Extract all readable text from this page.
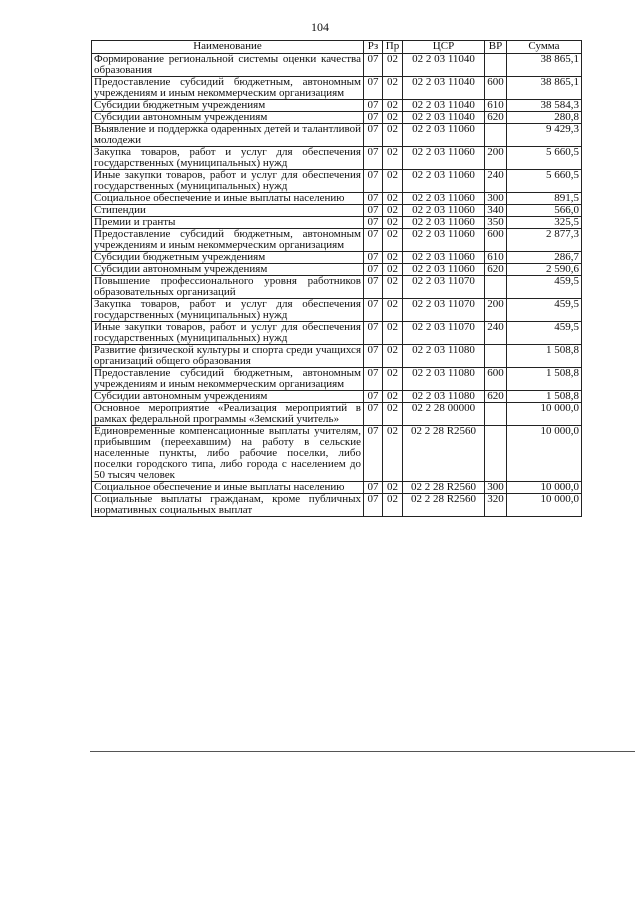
104
Наименование	Рз	Пр	ЦСР	ВР	Сумма
Формирование региональной системы оценки качества образования	07	02	02 2 03 11040		38 865,1
Предоставление субсидий бюджетным, автономным учреждениям и иным некоммерческим организациям	07	02	02 2 03 11040	600	38 865,1
Субсидии бюджетным учреждениям	07	02	02 2 03 11040	610	38 584,3
Субсидии автономным учреждениям	07	02	02 2 03 11040	620	280,8
Выявление и поддержка одаренных детей и талантливой молодежи	07	02	02 2 03 11060		9 429,3
Закупка товаров, работ и услуг для обеспечения государственных (муниципальных) нужд	07	02	02 2 03 11060	200	5 660,5
Иные закупки товаров, работ и услуг для обеспечения государственных (муниципальных) нужд	07	02	02 2 03 11060	240	5 660,5
Социальное обеспечение и иные выплаты населению	07	02	02 2 03 11060	300	891,5
Стипендии	07	02	02 2 03 11060	340	566,0
Премии и гранты	07	02	02 2 03 11060	350	325,5
Предоставление субсидий бюджетным, автономным учреждениям и иным некоммерческим организациям	07	02	02 2 03 11060	600	2 877,3
Субсидии бюджетным учреждениям	07	02	02 2 03 11060	610	286,7
Субсидии автономным учреждениям	07	02	02 2 03 11060	620	2 590,6
Повышение профессионального уровня работников образовательных организаций	07	02	02 2 03 11070		459,5
Закупка товаров, работ и услуг для обеспечения государственных (муниципальных) нужд	07	02	02 2 03 11070	200	459,5
Иные закупки товаров, работ и услуг для обеспечения государственных (муниципальных) нужд	07	02	02 2 03 11070	240	459,5
Развитие физической культуры и спорта среди учащихся организаций общего образования	07	02	02 2 03 11080		1 508,8
Предоставление субсидий бюджетным, автономным учреждениям и иным некоммерческим организациям	07	02	02 2 03 11080	600	1 508,8
Субсидии автономным учреждениям	07	02	02 2 03 11080	620	1 508,8
Основное мероприятие «Реализация мероприятий в рамках федеральной программы «Земский учитель»	07	02	02 2 28 00000		10 000,0
Единовременные компенсационные выплаты учителям, прибывшим (переехавшим) на работу в сельские населенные пункты, либо рабочие поселки, либо поселки городского типа, либо города с населением до 50 тысяч человек	07	02	02 2 28 R2560		10 000,0
Социальное обеспечение и иные выплаты населению	07	02	02 2 28 R2560	300	10 000,0
Социальные выплаты гражданам, кроме публичных нормативных социальных выплат	07	02	02 2 28 R2560	320	10 000,0
